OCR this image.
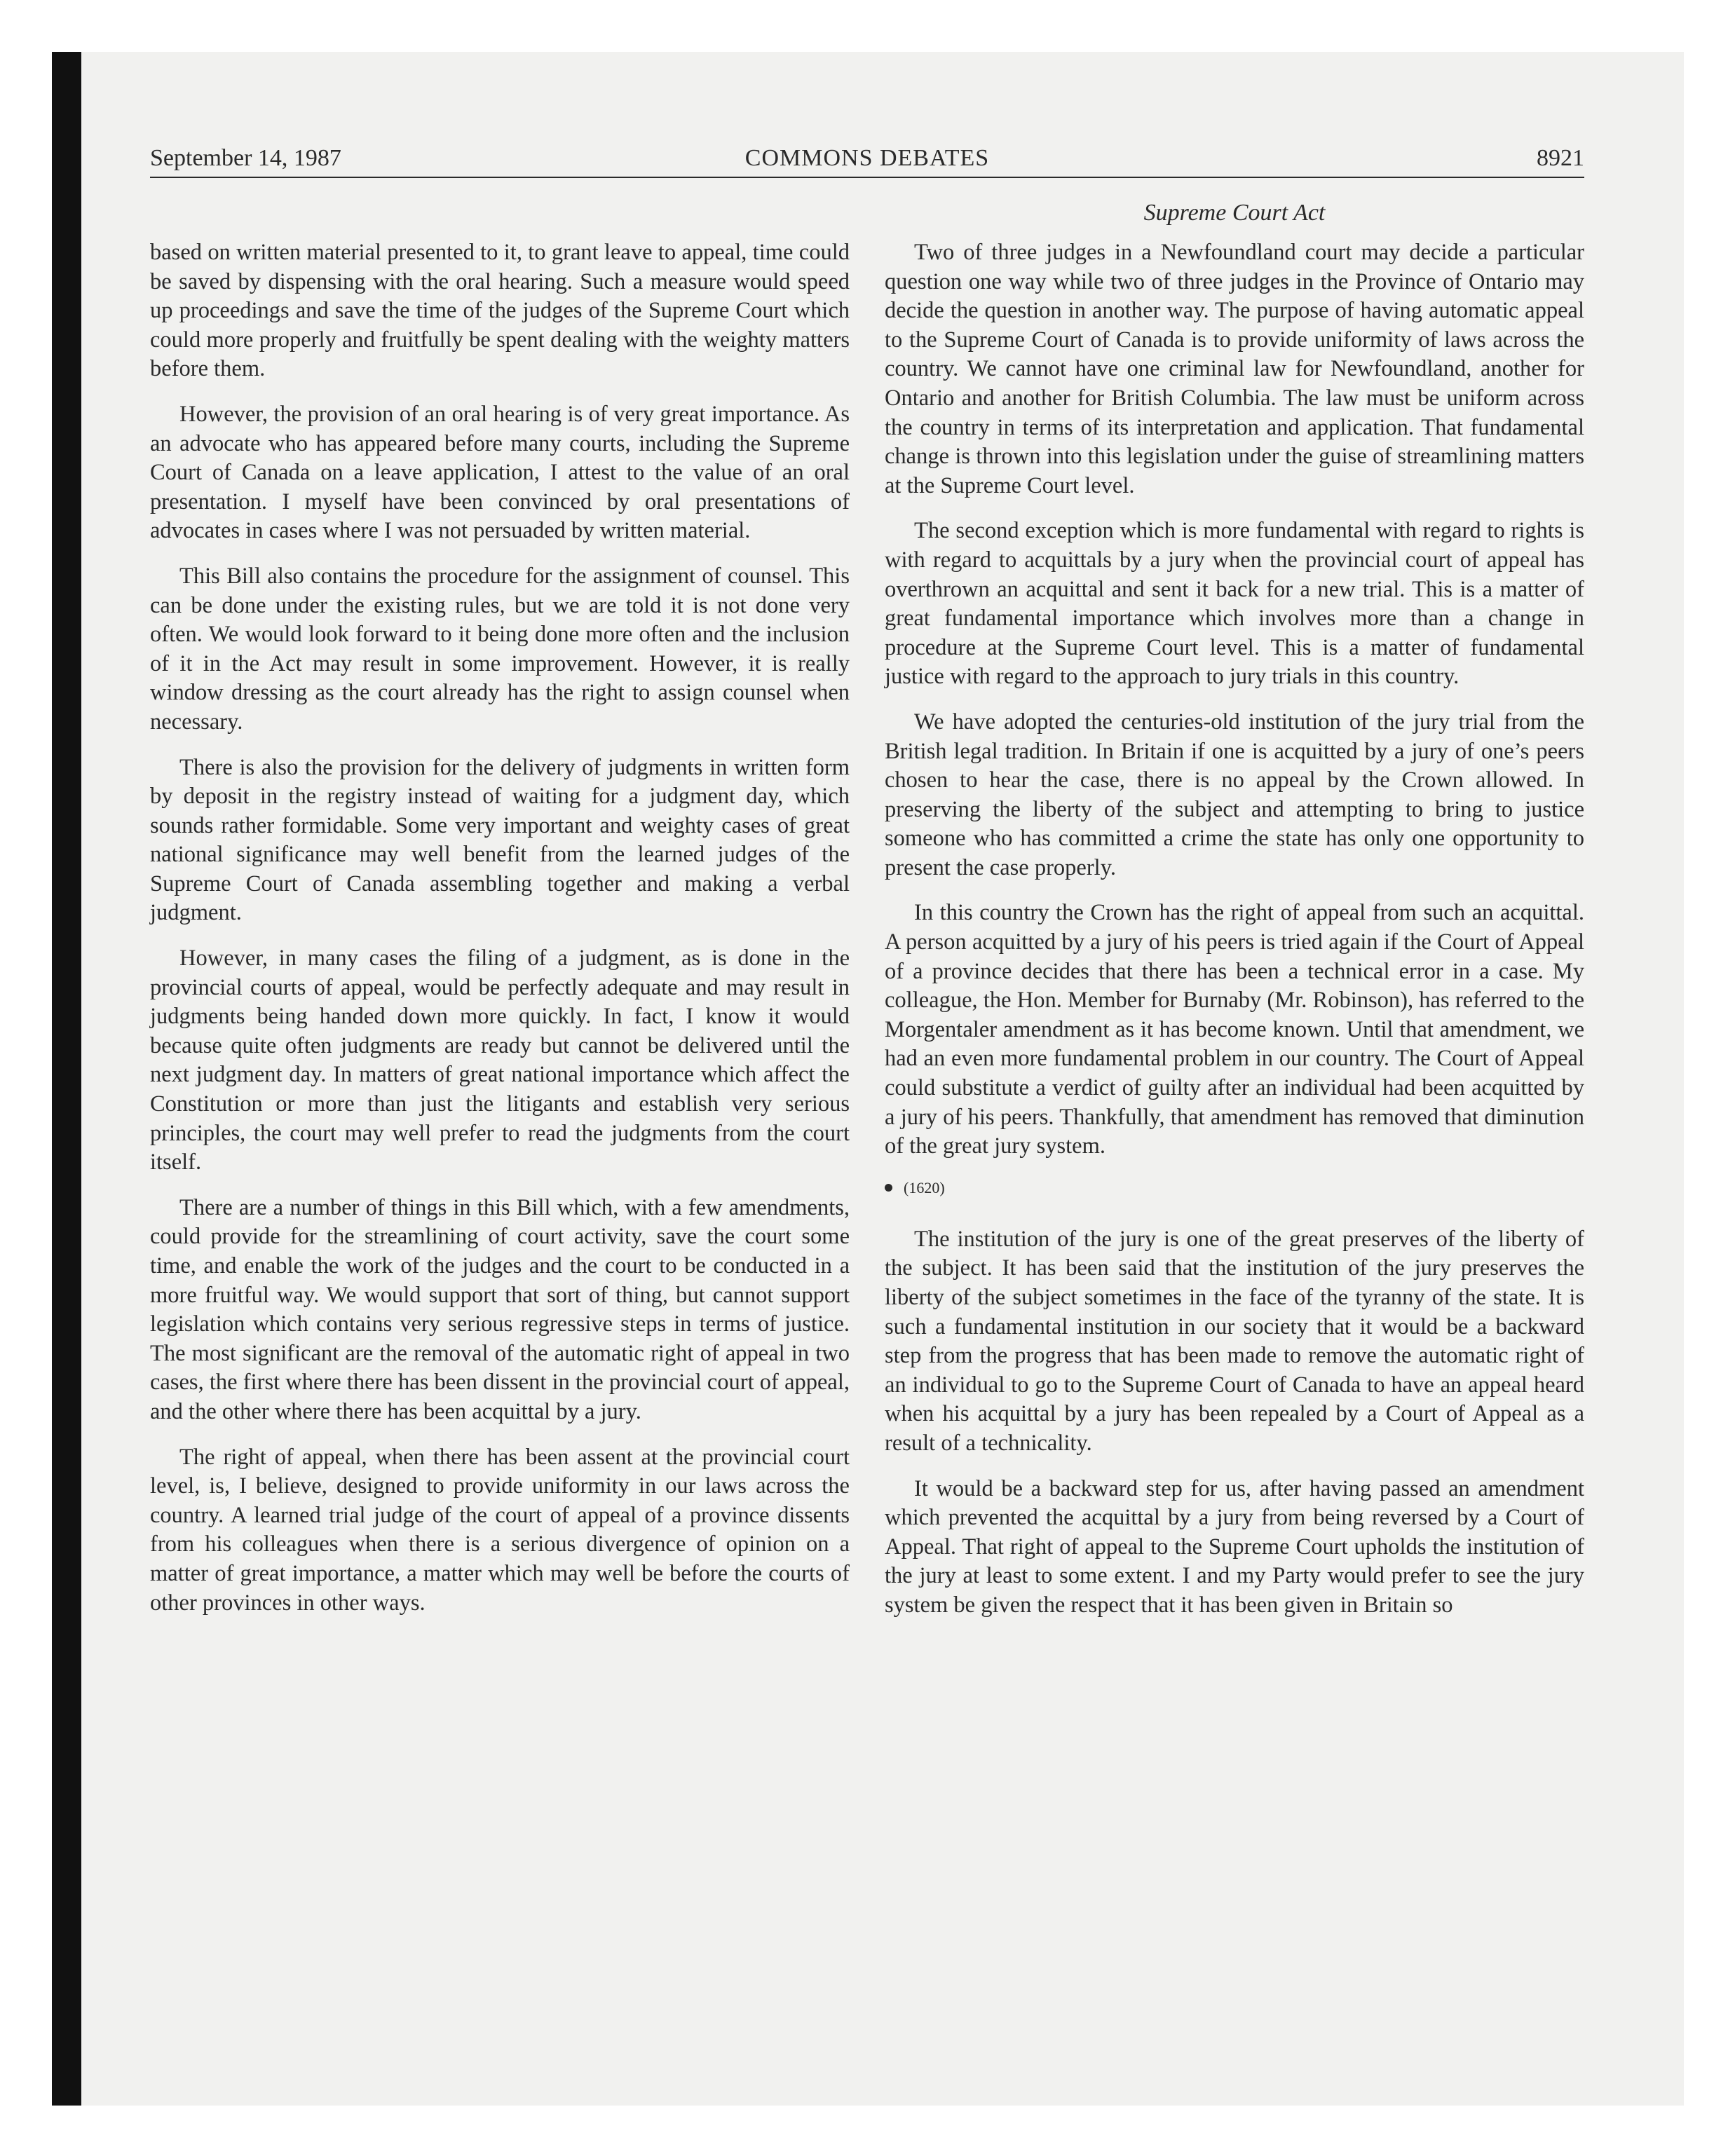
September 14, 1987	COMMONS DEBATES	8921
Supreme Court Act

based on written material presented to it, to grant leave to appeal, time could be saved by dispensing with the oral hearing. Such a measure would speed up proceedings and save the time of the judges of the Supreme Court which could more properly and fruitfully be spent dealing with the weighty matters before them.

However, the provision of an oral hearing is of very great importance. As an advocate who has appeared before many courts, including the Supreme Court of Canada on a leave application, I attest to the value of an oral presentation. I myself have been convinced by oral presentations of advocates in cases where I was not persuaded by written material.

This Bill also contains the procedure for the assignment of counsel. This can be done under the existing rules, but we are told it is not done very often. We would look forward to it being done more often and the inclusion of it in the Act may result in some improvement. However, it is really window dressing as the court already has the right to assign counsel when necessary.

There is also the provision for the delivery of judgments in written form by deposit in the registry instead of waiting for a judgment day, which sounds rather formidable. Some very important and weighty cases of great national significance may well benefit from the learned judges of the Supreme Court of Canada assembling together and making a verbal judgment.

However, in many cases the filing of a judgment, as is done in the provincial courts of appeal, would be perfectly adequate and may result in judgments being handed down more quickly. In fact, I know it would because quite often judgments are ready but cannot be delivered until the next judgment day. In matters of great national importance which affect the Constitution or more than just the litigants and establish very serious principles, the court may well prefer to read the judgments from the court itself.

There are a number of things in this Bill which, with a few amendments, could provide for the streamlining of court activity, save the court some time, and enable the work of the judges and the court to be conducted in a more fruitful way. We would support that sort of thing, but cannot support legislation which contains very serious regressive steps in terms of justice. The most significant are the removal of the automatic right of appeal in two cases, the first where there has been dissent in the provincial court of appeal, and the other where there has been acquittal by a jury.

The right of appeal, when there has been assent at the provincial court level, is, I believe, designed to provide uniformity in our laws across the country. A learned trial judge of the court of appeal of a province dissents from his colleagues when there is a serious divergence of opinion on a matter of great importance, a matter which may well be before the courts of other provinces in other ways.

Two of three judges in a Newfoundland court may decide a particular question one way while two of three judges in the Province of Ontario may decide the question in another way. The purpose of having automatic appeal to the Supreme Court of Canada is to provide uniformity of laws across the country. We cannot have one criminal law for Newfoundland, another for Ontario and another for British Columbia. The law must be uniform across the country in terms of its interpretation and application. That fundamental change is thrown into this legislation under the guise of streamlining matters at the Supreme Court level.

The second exception which is more fundamental with regard to rights is with regard to acquittals by a jury when the provincial court of appeal has overthrown an acquittal and sent it back for a new trial. This is a matter of great fundamental importance which involves more than a change in procedure at the Supreme Court level. This is a matter of fundamental justice with regard to the approach to jury trials in this country.

We have adopted the centuries-old institution of the jury trial from the British legal tradition. In Britain if one is acquitted by a jury of one’s peers chosen to hear the case, there is no appeal by the Crown allowed. In preserving the liberty of the subject and attempting to bring to justice someone who has committed a crime the state has only one opportunity to present the case properly.

In this country the Crown has the right of appeal from such an acquittal. A person acquitted by a jury of his peers is tried again if the Court of Appeal of a province decides that there has been a technical error in a case. My colleague, the Hon. Member for Burnaby (Mr. Robinson), has referred to the Morgentaler amendment as it has become known. Until that amendment, we had an even more fundamental problem in our country. The Court of Appeal could substitute a verdict of guilty after an individual had been acquitted by a jury of his peers. Thankfully, that amendment has removed that diminution of the great jury system.

(1620)

The institution of the jury is one of the great preserves of the liberty of the subject. It has been said that the institution of the jury preserves the liberty of the subject sometimes in the face of the tyranny of the state. It is such a fundamental institution in our society that it would be a backward step from the progress that has been made to remove the automatic right of an individual to go to the Supreme Court of Canada to have an appeal heard when his acquittal by a jury has been repealed by a Court of Appeal as a result of a technicality.

It would be a backward step for us, after having passed an amendment which prevented the acquittal by a jury from being reversed by a Court of Appeal. That right of appeal to the Supreme Court upholds the institution of the jury at least to some extent. I and my Party would prefer to see the jury system be given the respect that it has been given in Britain so
